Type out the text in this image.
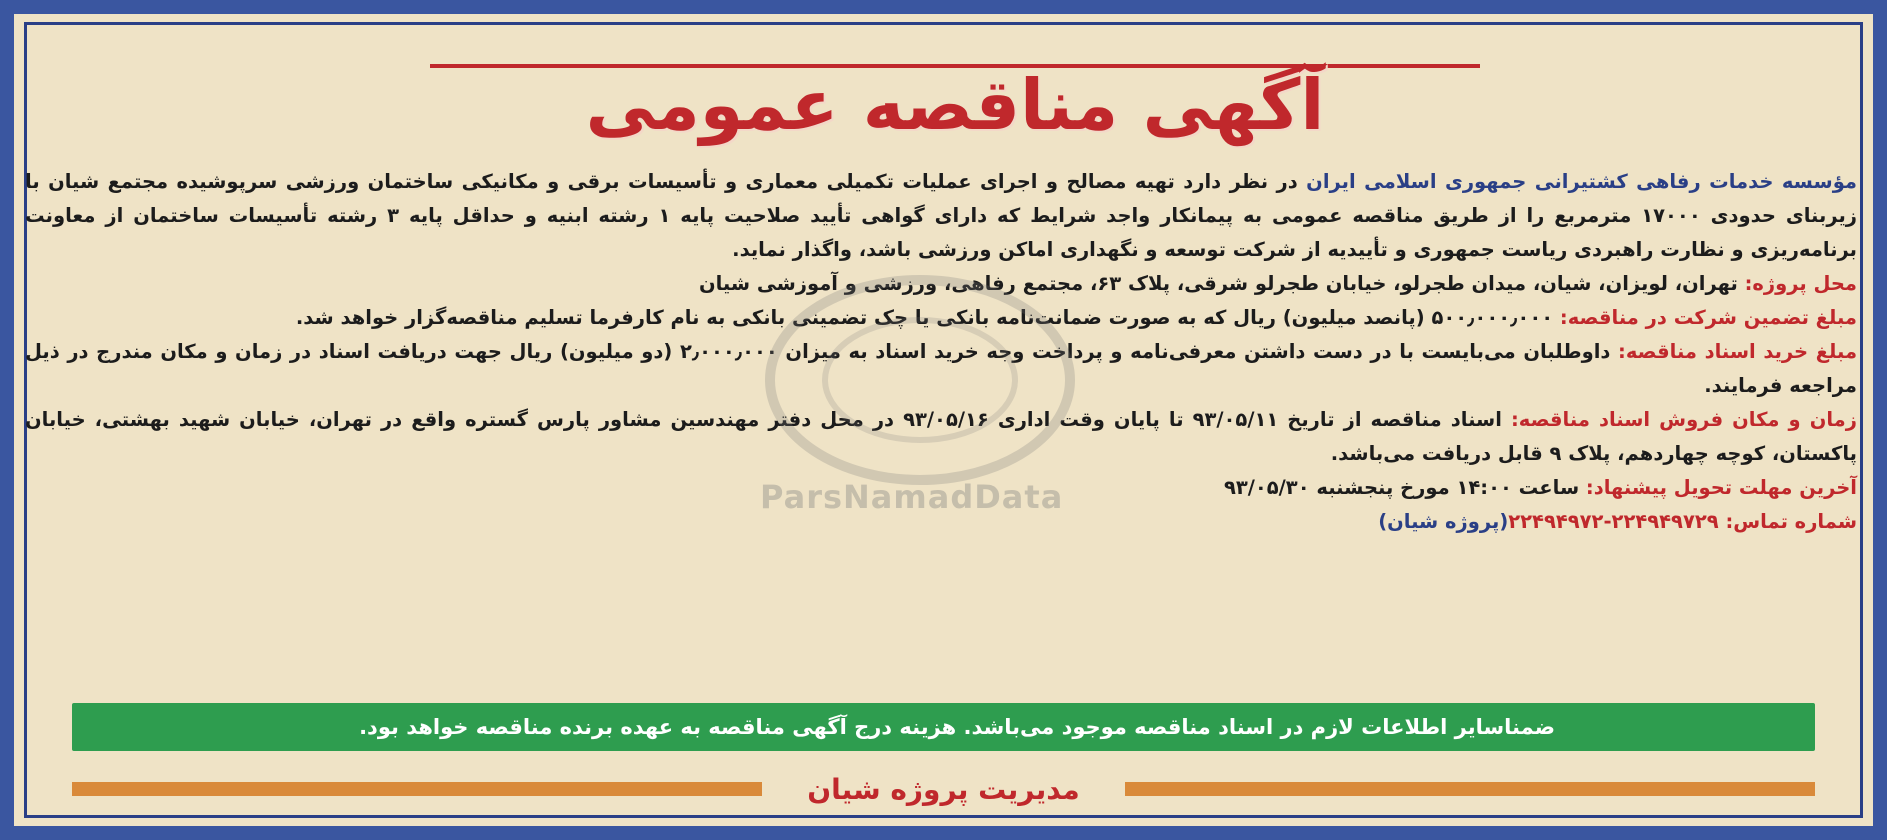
آگهی مناقصه عمومی

مؤسسه خدمات رفاهی کشتیرانی جمهوری اسلامی ایران در نظر دارد تهیه مصالح و اجرای عملیات تکمیلی معماری و تأسیسات برقی و مکانیکی ساختمان ورزشی سرپوشیده مجتمع شیان با زیربنای حدودی ۱۷۰۰۰ مترمربع را از طریق مناقصه عمومی به پیمانکار واجد شرایط که دارای گواهی تأیید صلاحیت پایه ۱ رشته ابنیه و حداقل پایه ۳ رشته تأسیسات ساختمان از معاونت برنامه‌ریزی و نظارت راهبردی ریاست جمهوری و تأییدیه از شرکت توسعه و نگهداری اماکن ورزشی باشد، واگذار نماید.

محل پروژه: تهران، لویزان، شیان، میدان طجرلو، خیابان طجرلو شرقی، پلاک ۶۳، مجتمع رفاهی، ورزشی و آموزشی شیان

مبلغ تضمین شرکت در مناقصه: ۵۰۰٫۰۰۰٫۰۰۰ (پانصد میلیون) ریال که به صورت ضمانت‌نامه بانکی یا چک تضمینی بانکی به نام کارفرما تسلیم مناقصه‌گزار خواهد شد.

مبلغ خرید اسناد مناقصه: داوطلبان می‌بایست با در دست داشتن معرفی‌نامه و پرداخت وجه خرید اسناد به میزان ۲٫۰۰۰٫۰۰۰ (دو میلیون) ریال جهت دریافت اسناد در زمان و مکان مندرج در ذیل مراجعه فرمایند.

زمان و مکان فروش اسناد مناقصه: اسناد مناقصه از تاریخ ۹۳/۰۵/۱۱ تا پایان وقت اداری ۹۳/۰۵/۱۶ در محل دفتر مهندسین مشاور پارس گستره واقع در تهران، خیابان شهید بهشتی، خیابان پاکستان، کوچه چهاردهم، پلاک ۹ قابل دریافت می‌باشد.

آخرین مهلت تحویل پیشنهاد: ساعت ۱۴:۰۰ مورخ پنجشنبه ۹۳/۰۵/۳۰

شماره تماس: ۲۲۴۹۴۹۷۲۹-۲۲۴۹۴۹۷۲(پروژه شیان)

ParsNamadData
ضمناسایر اطلاعات لازم در اسناد مناقصه موجود می‌باشد. هزینه درج آگهی مناقصه به عهده برنده مناقصه خواهد بود.
مدیریت پروژه شیان
